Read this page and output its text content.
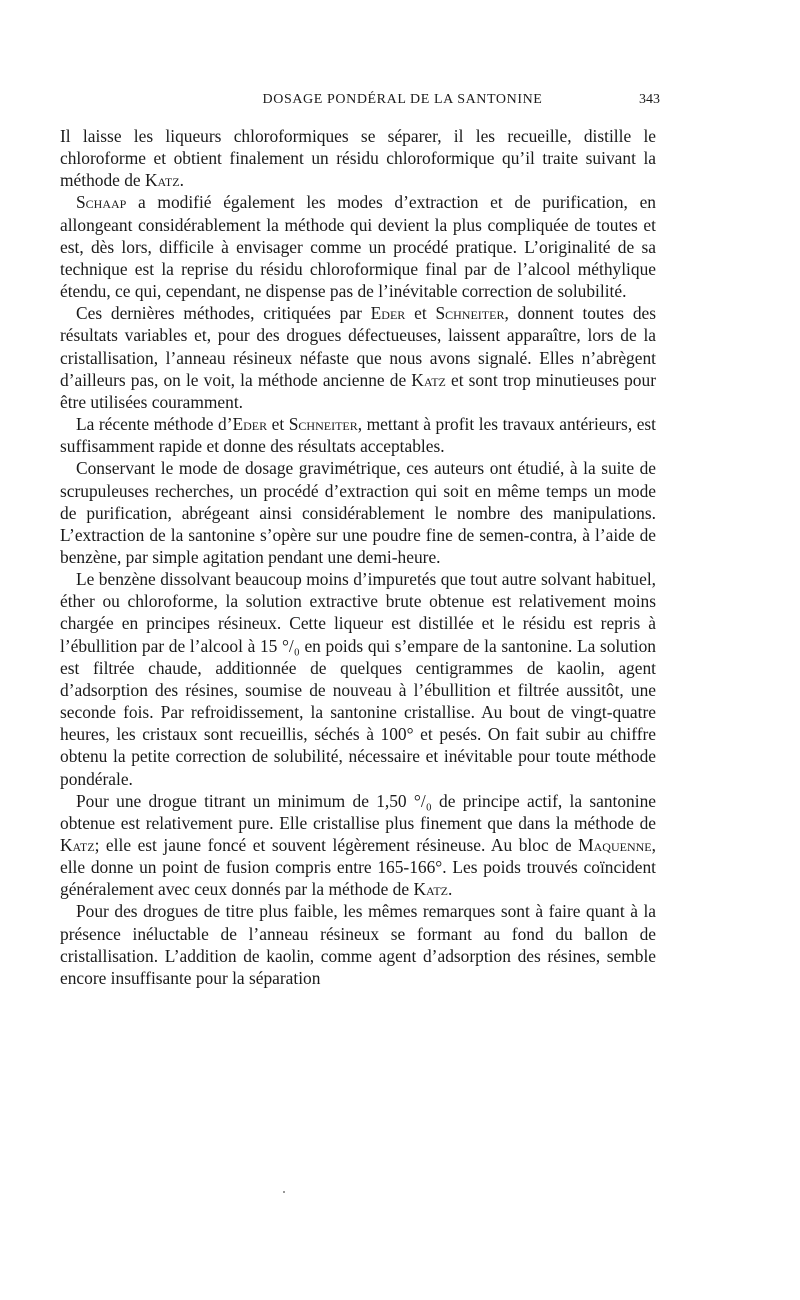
DOSAGE PONDÉRAL DE LA SANTONINE	343

Il laisse les liqueurs chloroformiques se séparer, il les recueille, distille le chloroforme et obtient finalement un résidu chloroformique qu’il traite suivant la méthode de Katz.

Schaap a modifié également les modes d’extraction et de purification, en allongeant considérablement la méthode qui devient la plus compliquée de toutes et est, dès lors, difficile à envisager comme un procédé pratique. L’originalité de sa technique est la reprise du résidu chloroformique final par de l’alcool méthylique étendu, ce qui, cependant, ne dispense pas de l’inévitable correction de solubilité.

Ces dernières méthodes, critiquées par Eder et Schneiter, donnent toutes des résultats variables et, pour des drogues défectueuses, laissent apparaître, lors de la cristallisation, l’anneau résineux néfaste que nous avons signalé. Elles n’abrègent d’ailleurs pas, on le voit, la méthode ancienne de Katz et sont trop minutieuses pour être utilisées couramment.

La récente méthode d’Eder et Schneiter, mettant à profit les travaux antérieurs, est suffisamment rapide et donne des résultats acceptables.

Conservant le mode de dosage gravimétrique, ces auteurs ont étudié, à la suite de scrupuleuses recherches, un procédé d’extraction qui soit en même temps un mode de purification, abrégeant ainsi considérablement le nombre des manipulations. L’extraction de la santonine s’opère sur une poudre fine de semen-contra, à l’aide de benzène, par simple agitation pendant une demi-heure.

Le benzène dissolvant beaucoup moins d’impuretés que tout autre solvant habituel, éther ou chloroforme, la solution extractive brute obtenue est relativement moins chargée en principes résineux. Cette liqueur est distillée et le résidu est repris à l’ébullition par de l’alcool à 15 °/₀ en poids qui s’empare de la santonine. La solution est filtrée chaude, additionnée de quelques centigrammes de kaolin, agent d’adsorption des résines, soumise de nouveau à l’ébullition et filtrée aussitôt, une seconde fois. Par refroidissement, la santonine cristallise. Au bout de vingt-quatre heures, les cristaux sont recueillis, séchés à 100° et pesés. On fait subir au chiffre obtenu la petite correction de solubilité, nécessaire et inévitable pour toute méthode pondérale.

Pour une drogue titrant un minimum de 1,50 °/₀ de principe actif, la santonine obtenue est relativement pure. Elle cristallise plus finement que dans la méthode de Katz; elle est jaune foncé et souvent légèrement résineuse. Au bloc de Maquenne, elle donne un point de fusion compris entre 165-166°. Les poids trouvés coïncident généralement avec ceux donnés par la méthode de Katz.

Pour des drogues de titre plus faible, les mêmes remarques sont à faire quant à la présence inéluctable de l’anneau résineux se formant au fond du ballon de cristallisation. L’addition de kaolin, comme agent d’adsorption des résines, semble encore insuffisante pour la séparation
